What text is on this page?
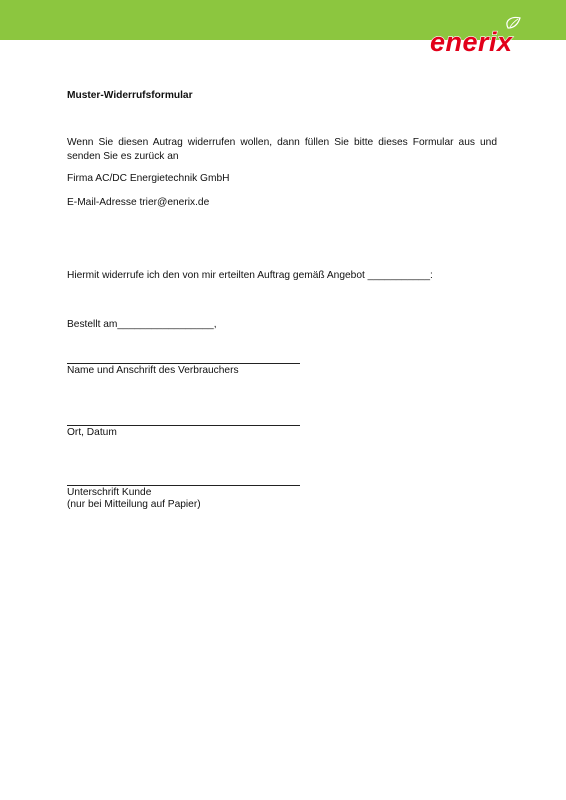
enerix

Muster-Widerrufsformular

Wenn Sie diesen Autrag widerrufen wollen, dann füllen Sie bitte dieses Formular aus und senden Sie es zurück an

Firma AC/DC Energietechnik GmbH

E-Mail-Adresse trier@enerix.de

Hiermit widerrufe ich den von mir erteilten Auftrag gemäß Angebot ___________:

Bestellt am_________________,

Name und Anschrift des Verbrauchers

Ort, Datum

Unterschrift Kunde

(nur bei Mitteilung auf Papier)
